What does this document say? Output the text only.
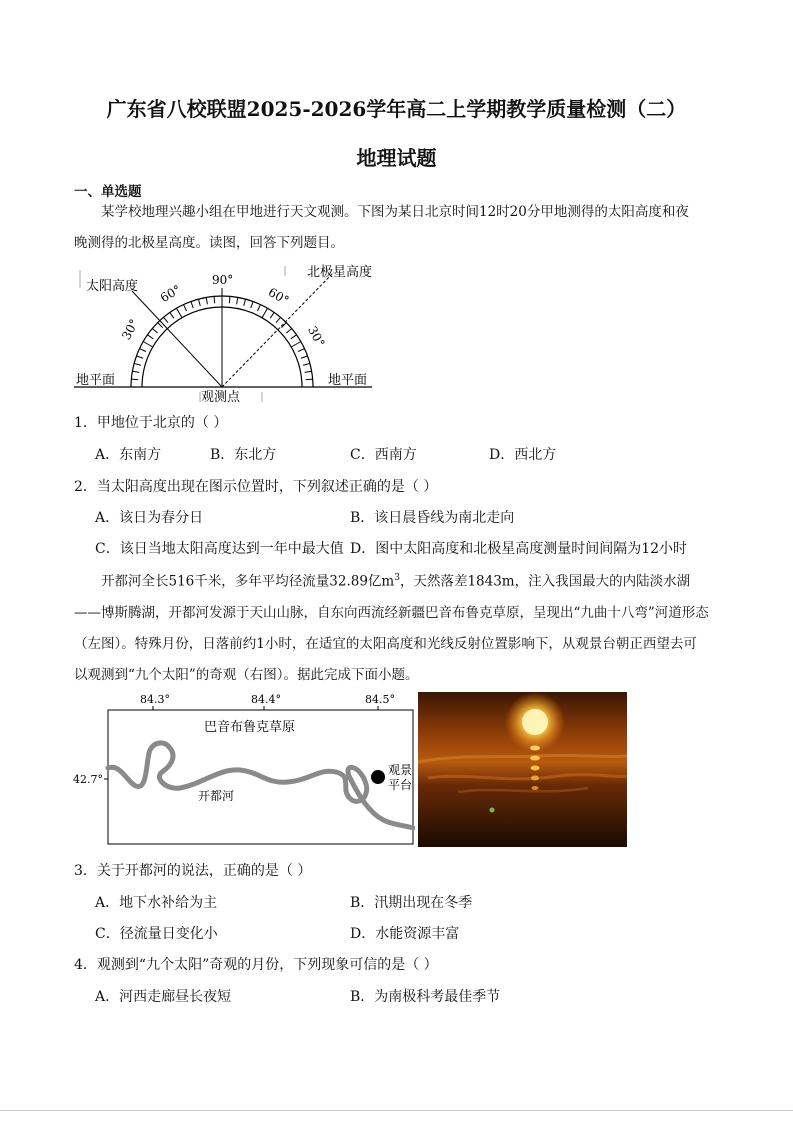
广东省八校联盟2025-2026学年高二上学期教学质量检测（二）
地理试题
一、单选题
某学校地理兴趣小组在甲地进行天文观测。下图为某日北京时间12时20分甲地测得的太阳高度和夜
晚测得的北极星高度。读图，回答下列题目。
太阳高度
北极星高度
90°
60°	60°
30°	30°
地平面	地平面
观测点
1．甲地位于北京的（ ）
A．东南方	B．东北方	C．西南方	D．西北方
2．当太阳高度出现在图示位置时，下列叙述正确的是（ ）
A．该日为春分日	B．该日晨昏线为南北走向
C．该日当地太阳高度达到一年中最大值 D．图中太阳高度和北极星高度测量时间间隔为12小时
开都河全长516千米，多年平均径流量32.89亿$m^3$，天然落差1843m，注入我国最大的内陆淡水湖
——博斯腾湖，开都河发源于天山山脉，自东向西流经新疆巴音布鲁克草原，呈现出“九曲十八弯”河道形态
（左图）。特殊月份，日落前约1小时，在适宜的太阳高度和光线反射位置影响下，从观景台朝正西望去可
以观测到“九个太阳”的奇观（右图）。据此完成下面小题。
84.3°	84.4°	84.5°
42.7°
巴音布鲁克草原
开都河
观景
平台
3．关于开都河的说法，正确的是（ ）
A．地下水补给为主	B．汛期出现在冬季
C．径流量日变化小	D．水能资源丰富
4．观测到“九个太阳”奇观的月份，下列现象可信的是（ ）
A．河西走廊昼长夜短	B．为南极科考最佳季节
